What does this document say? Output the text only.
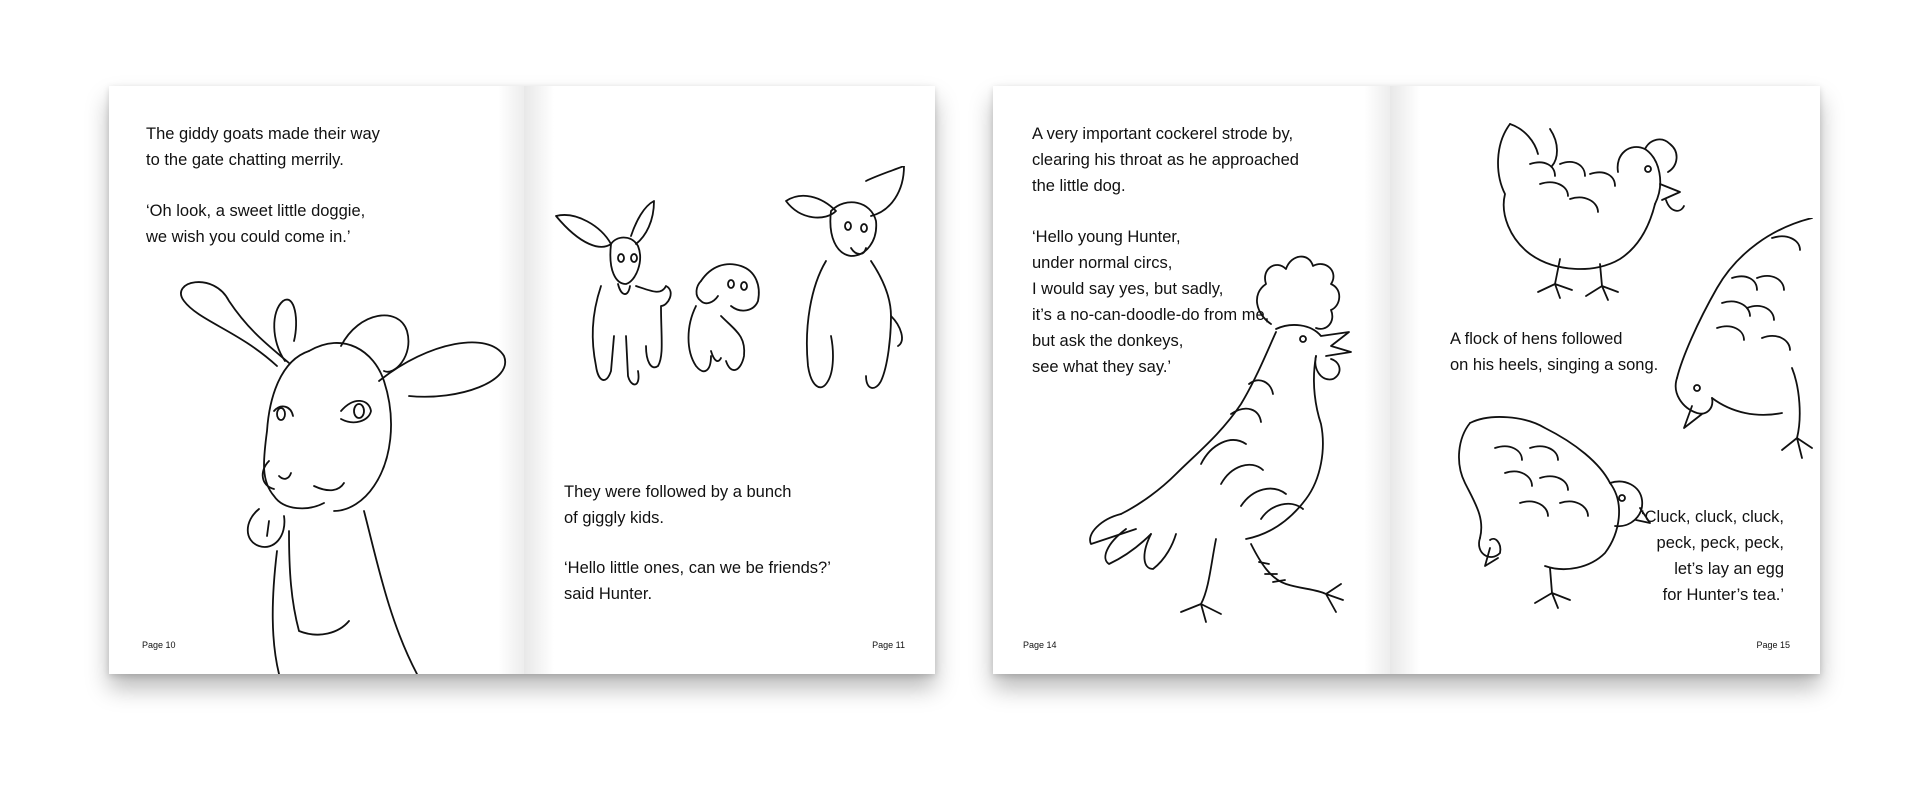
The giddy goats made their way
to the gate chatting merrily.
‘Oh look, a sweet little doggie,
we wish you could come in.’
Page 10
They were followed by a bunch
of giggly kids.
‘Hello little ones, can we be friends?’
said Hunter.
Page 11
A very important cockerel strode by,
clearing his throat as he approached
the little dog.
‘Hello young Hunter,
under normal circs,
I would say yes, but sadly,
it’s a no-can-doodle-do from me,
but ask the donkeys,
see what they say.’
Page 14
A flock of hens followed
on his heels, singing a song.
‘Cluck, cluck, cluck,
peck, peck, peck,
let’s lay an egg
for Hunter’s tea.’
Page 15
